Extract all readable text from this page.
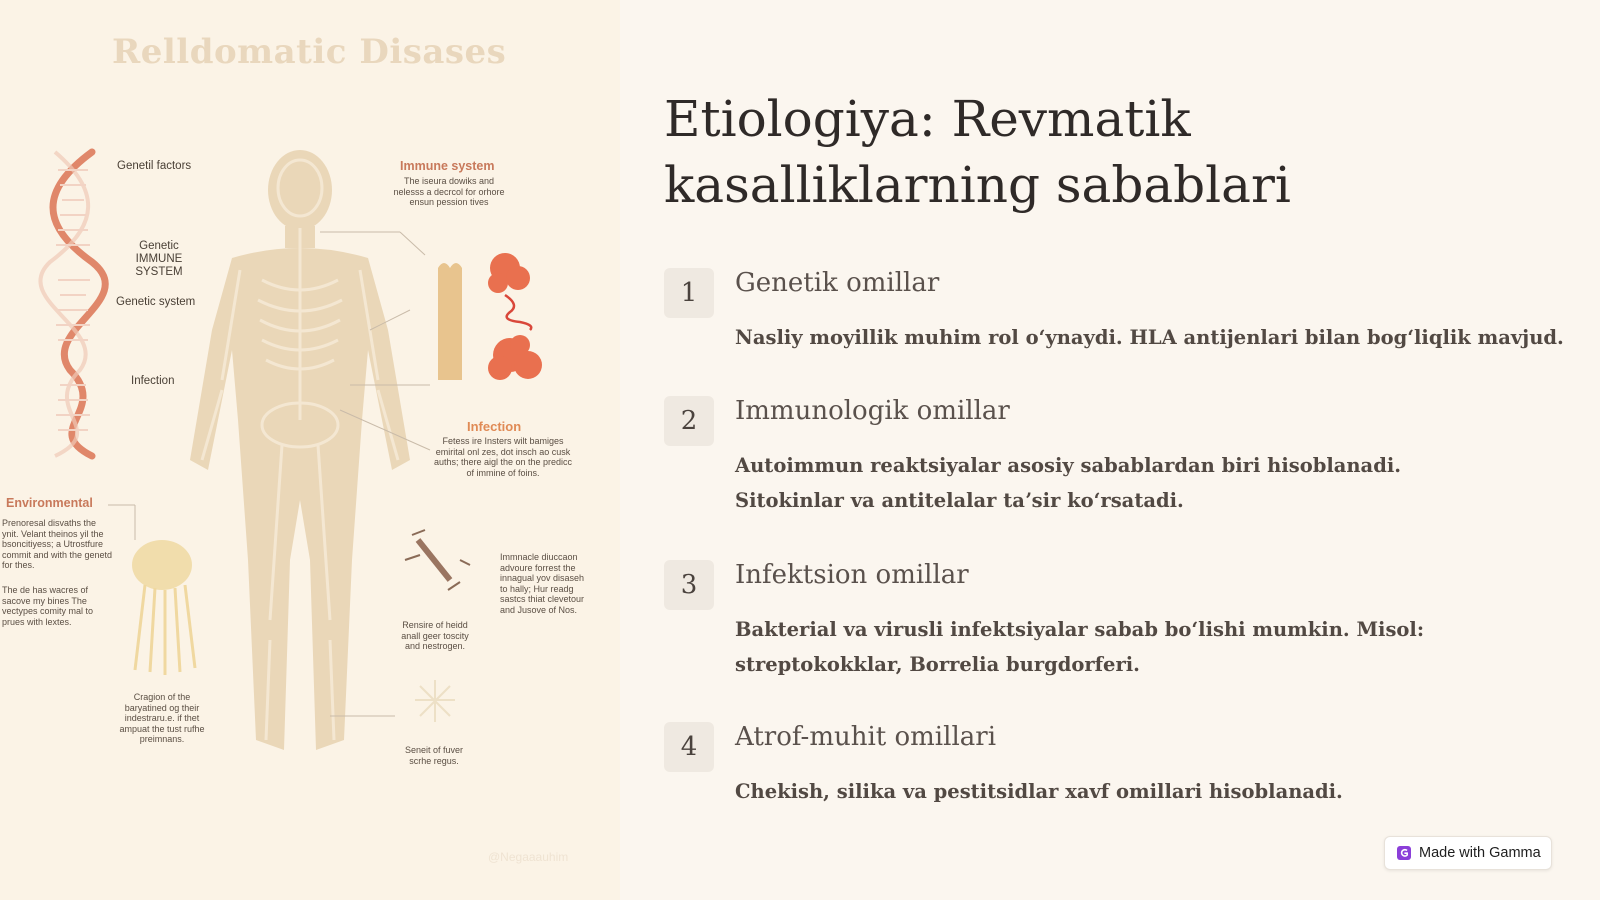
Relldomatic Disases
Genetil factors
Genetic IMMUNE SYSTEM
Genetic system
Infection
Immune system
The iseura dowiks and nelesss a decrcol for orhore ensun pession tives
Infection
Fetess ire Insters wilt bamiges emirital onl zes, dot insch ao cusk auths; there aigl the on the predicc of immine of foins.
Environmental
Prenoresal disvaths the ynit. Velant theinos yil the bsoncitiyess; a Utrostfure commit and with the genetd for thes.
The de has wacres of sacove my bines The vectypes comity mal to prues with lextes.
Immnacle diuccaon advoure forrest the innagual yov disaseh to hally; Hur readg sastcs thiat clevetour and Jusove of Nos.
Rensire of heidd anall geer toscity and nestrogen.
Cragion of the baryatined og their indestraru.e. if thet ampuat the tust rufhe preimnans.
Seneit of fuver scrhe regus.
@Negaaauhim
Etiologiya: Revmatik kasalliklarning sabablari
1	Genetik omillar
Nasliy moyillik muhim rol oʻynaydi. HLA antijenlari bilan bogʻliqlik mavjud.
2	Immunologik omillar
Autoimmun reaktsiyalar asosiy sabablardan biri hisoblanadi. Sitokinlar va antitelalar taʼsir koʻrsatadi.
3	Infektsion omillar
Bakterial va virusli infektsiyalar sabab boʻlishi mumkin. Misol: streptokokklar, Borrelia burgdorferi.
4	Atrof-muhit omillari
Chekish, silika va pestitsidlar xavf omillari hisoblanadi.
Made with Gamma
